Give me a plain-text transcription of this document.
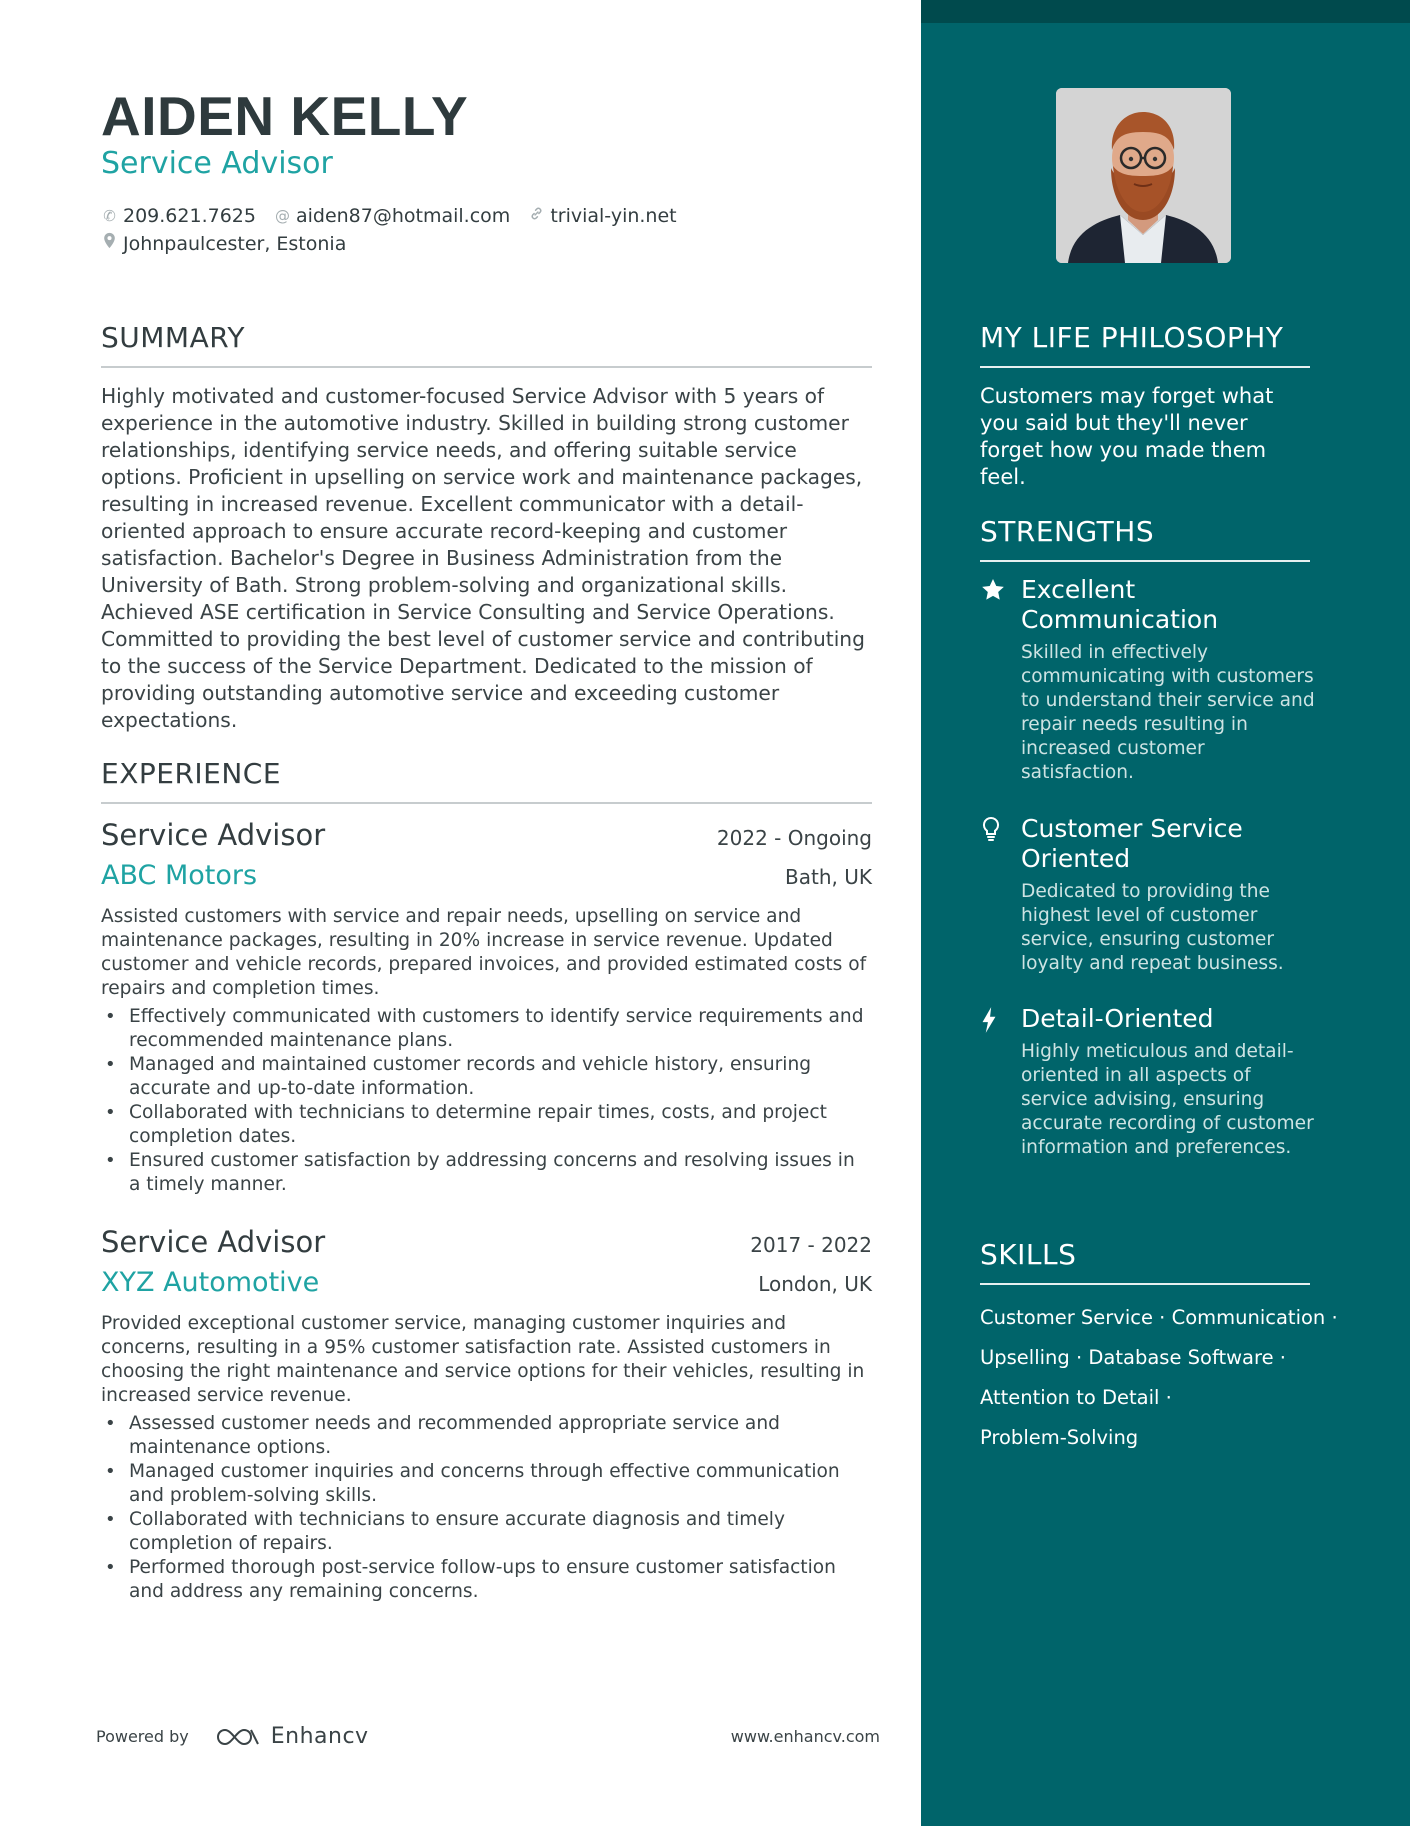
AIDEN KELLY
Service Advisor
✆ 209.621.7625 @ aiden87@hotmail.com trivial-yin.net
Johnpaulcester, Estonia
SUMMARY
Highly motivated and customer-focused Service Advisor with 5 years of experience in the automotive industry. Skilled in building strong customer relationships, identifying service needs, and offering suitable service options. Proficient in upselling on service work and maintenance packages, resulting in increased revenue. Excellent communicator with a detail-oriented approach to ensure accurate record-keeping and customer satisfaction. Bachelor's Degree in Business Administration from the University of Bath. Strong problem-solving and organizational skills. Achieved ASE certification in Service Consulting and Service Operations. Committed to providing the best level of customer service and contributing to the success of the Service Department. Dedicated to the mission of providing outstanding automotive service and exceeding customer expectations.
EXPERIENCE
Service Advisor	2022 - Ongoing
ABC Motors	Bath, UK
Assisted customers with service and repair needs, upselling on service and maintenance packages, resulting in 20% increase in service revenue. Updated customer and vehicle records, prepared invoices, and provided estimated costs of repairs and completion times.
• Effectively communicated with customers to identify service requirements and recommended maintenance plans.
• Managed and maintained customer records and vehicle history, ensuring accurate and up-to-date information.
• Collaborated with technicians to determine repair times, costs, and project completion dates.
• Ensured customer satisfaction by addressing concerns and resolving issues in a timely manner.
Service Advisor	2017 - 2022
XYZ Automotive	London, UK
Provided exceptional customer service, managing customer inquiries and concerns, resulting in a 95% customer satisfaction rate. Assisted customers in choosing the right maintenance and service options for their vehicles, resulting in increased service revenue.
• Assessed customer needs and recommended appropriate service and maintenance options.
• Managed customer inquiries and concerns through effective communication and problem-solving skills.
• Collaborated with technicians to ensure accurate diagnosis and timely completion of repairs.
• Performed thorough post-service follow-ups to ensure customer satisfaction and address any remaining concerns.
Powered by	Enhancv	www.enhancv.com
MY LIFE PHILOSOPHY
Customers may forget what you said but they'll never forget how you made them feel.
STRENGTHS
Excellent Communication
Skilled in effectively communicating with customers to understand their service and repair needs resulting in increased customer satisfaction.
Customer Service Oriented
Dedicated to providing the highest level of customer service, ensuring customer loyalty and repeat business.
Detail-Oriented
Highly meticulous and detail-oriented in all aspects of service advising, ensuring accurate recording of customer information and preferences.
SKILLS
Customer Service · Communication ·
Upselling · Database Software ·
Attention to Detail ·
Problem-Solving
